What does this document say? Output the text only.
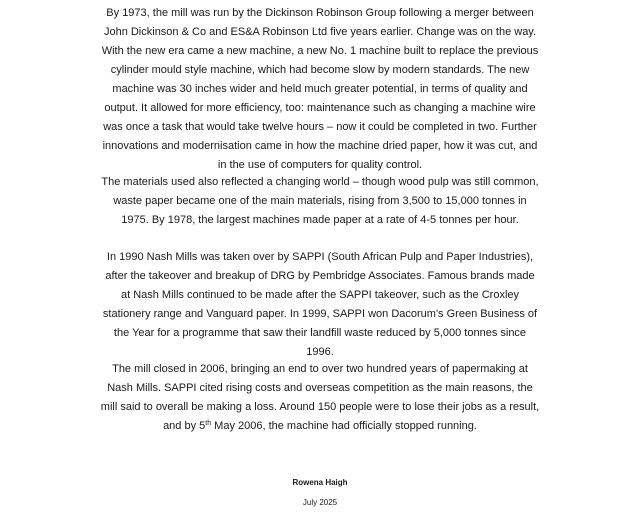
By 1973, the mill was run by the Dickinson Robinson Group following a merger between John Dickinson & Co and ES&A Robinson Ltd five years earlier. Change was on the way. With the new era came a new machine, a new No. 1 machine built to replace the previous cylinder mould style machine, which had become slow by modern standards. The new machine was 30 inches wider and held much greater potential, in terms of quality and output. It allowed for more efficiency, too: maintenance such as changing a machine wire was once a task that would take twelve hours – now it could be completed in two. Further innovations and modernisation came in how the machine dried paper, how it was cut, and in the use of computers for quality control.

The materials used also reflected a changing world – though wood pulp was still common, waste paper became one of the main materials, rising from 3,500 to 15,000 tonnes in 1975. By 1978, the largest machines made paper at a rate of 4-5 tonnes per hour.

In 1990 Nash Mills was taken over by SAPPI (South African Pulp and Paper Industries), after the takeover and breakup of DRG by Pembridge Associates. Famous brands made at Nash Mills continued to be made after the SAPPI takeover, such as the Croxley stationery range and Vanguard paper. In 1999, SAPPI won Dacorum's Green Business of the Year for a programme that saw their landfill waste reduced by 5,000 tonnes since 1996.

The mill closed in 2006, bringing an end to over two hundred years of papermaking at Nash Mills. SAPPI cited rising costs and overseas competition as the main reasons, the mill said to overall be making a loss. Around 150 people were to lose their jobs as a result, and by 5th May 2006, the machine had officially stopped running.

Rowena Haigh

July 2025
